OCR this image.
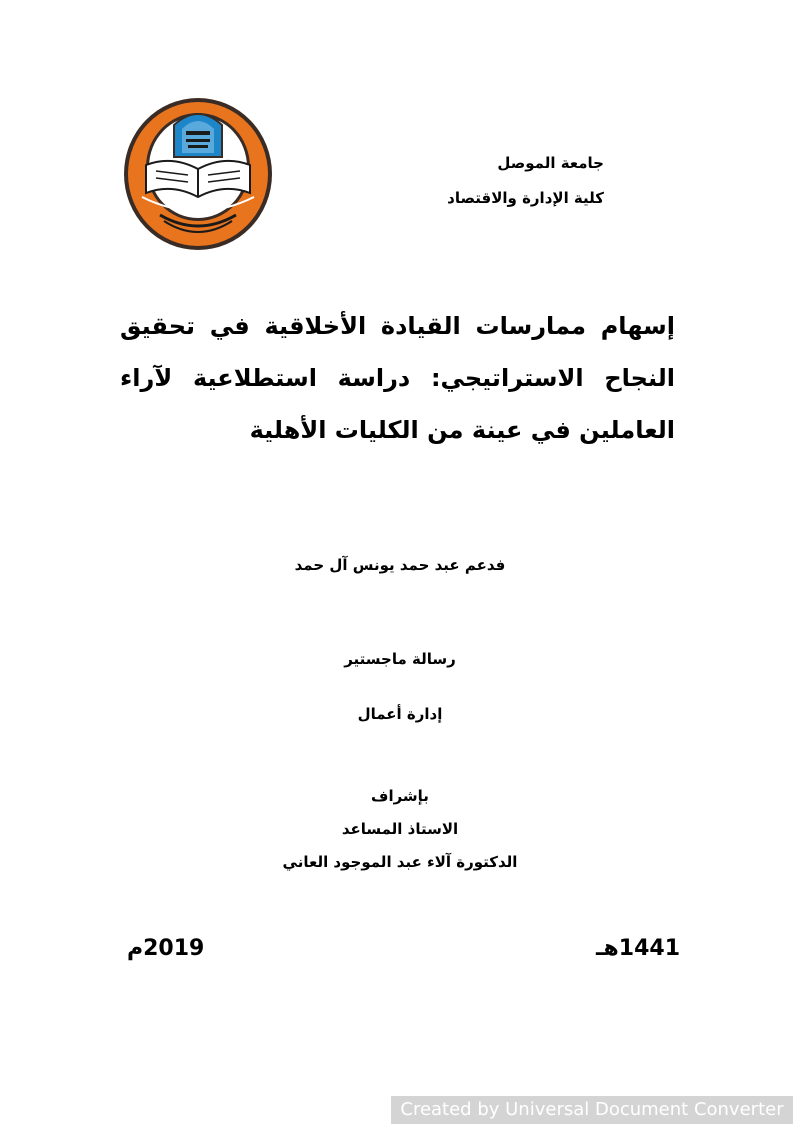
جامعة الموصل
كلية الإدارة والاقتصاد
إسهام ممارسات القيادة الأخلاقية في تحقيق النجاح الاستراتيجي: دراسة استطلاعية لآراء العاملين في عينة من الكليات الأهلية
فدعم عبد حمد يونس آل حمد
رسالة ماجستير
إدارة أعمال
بإشراف
الاستاذ المساعد
الدكتورة آلاء عبد الموجود العاني
1441هـ
2019م
Created by Universal Document Converter
